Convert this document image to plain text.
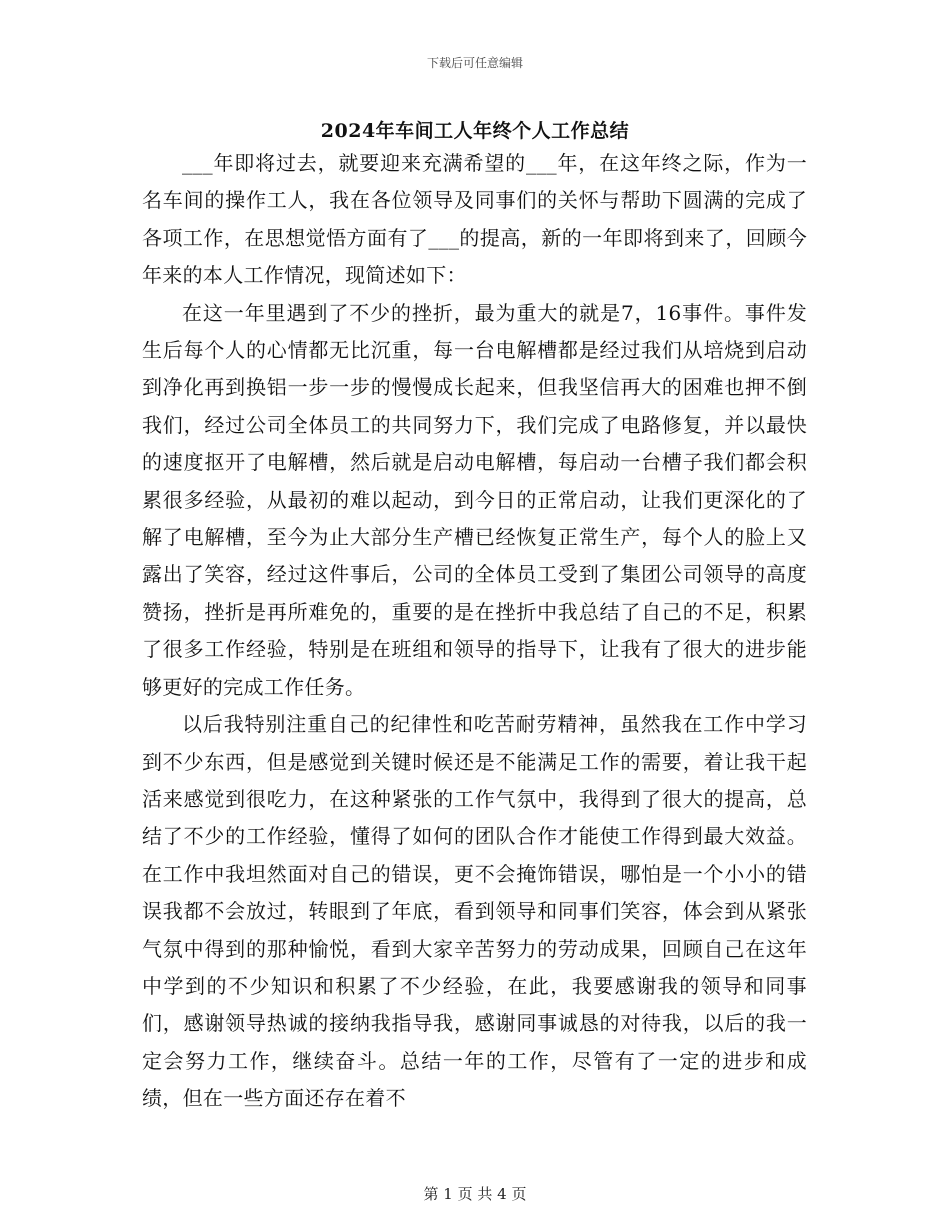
下载后可任意编辑
2024年车间工人年终个人工作总结

___年即将过去，就要迎来充满希望的___年，在这年终之际，作为一名车间的操作工人，我在各位领导及同事们的关怀与帮助下圆满的完成了各项工作，在思想觉悟方面有了___的提高，新的一年即将到来了，回顾今年来的本人工作情况，现简述如下：

在这一年里遇到了不少的挫折，最为重大的就是7，16事件。事件发生后每个人的心情都无比沉重，每一台电解槽都是经过我们从培烧到启动到净化再到换铝一步一步的慢慢成长起来，但我坚信再大的困难也押不倒我们，经过公司全体员工的共同努力下，我们完成了电路修复，并以最快的速度抠开了电解槽，然后就是启动电解槽，每启动一台槽子我们都会积累很多经验，从最初的难以起动，到今日的正常启动，让我们更深化的了解了电解槽，至今为止大部分生产槽已经恢复正常生产，每个人的脸上又露出了笑容，经过这件事后，公司的全体员工受到了集团公司领导的高度赞扬，挫折是再所难免的，重要的是在挫折中我总结了自己的不足，积累了很多工作经验，特别是在班组和领导的指导下，让我有了很大的进步能够更好的完成工作任务。

以后我特别注重自己的纪律性和吃苦耐劳精神，虽然我在工作中学习到不少东西，但是感觉到关键时候还是不能满足工作的需要，着让我干起活来感觉到很吃力，在这种紧张的工作气氛中，我得到了很大的提高，总结了不少的工作经验，懂得了如何的团队合作才能使工作得到最大效益。在工作中我坦然面对自己的错误，更不会掩饰错误，哪怕是一个小小的错误我都不会放过，转眼到了年底，看到领导和同事们笑容，体会到从紧张气氛中得到的那种愉悦，看到大家辛苦努力的劳动成果，回顾自己在这年中学到的不少知识和积累了不少经验，在此，我要感谢我的领导和同事们，感谢领导热诚的接纳我指导我，感谢同事诚恳的对待我，以后的我一定会努力工作，继续奋斗。总结一年的工作，尽管有了一定的进步和成绩，但在一些方面还存在着不

第 1 页 共 4 页
